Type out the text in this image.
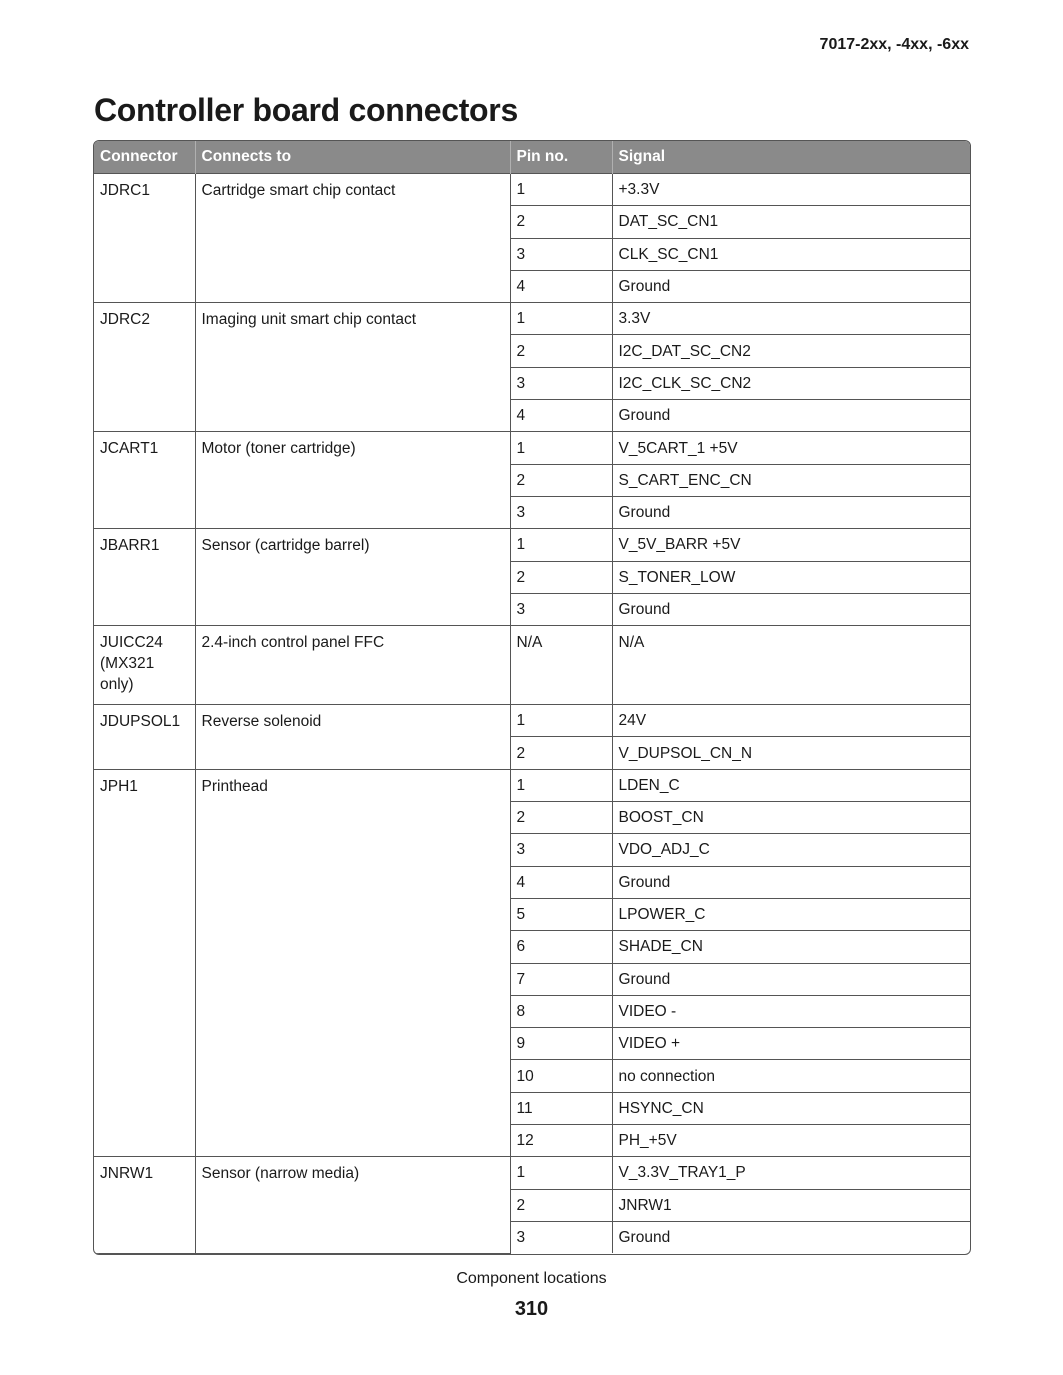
7017-2xx, -4xx, -6xx
Controller board connectors
Connector	Connects to	Pin no.	Signal
JDRC1	Cartridge smart chip contact	1	+3.3V
		2	DAT_SC_CN1
		3	CLK_SC_CN1
		4	Ground
JDRC2	Imaging unit smart chip contact	1	3.3V
		2	I2C_DAT_SC_CN2
		3	I2C_CLK_SC_CN2
		4	Ground
JCART1	Motor (toner cartridge)	1	V_5CART_1 +5V
		2	S_CART_ENC_CN
		3	Ground
JBARR1	Sensor (cartridge barrel)	1	V_5V_BARR +5V
		2	S_TONER_LOW
		3	Ground
JUICC24 (MX321 only)	2.4-inch control panel FFC	N/A	N/A
JDUPSOL1	Reverse solenoid	1	24V
		2	V_DUPSOL_CN_N
JPH1	Printhead	1	LDEN_C
		2	BOOST_CN
		3	VDO_ADJ_C
		4	Ground
		5	LPOWER_C
		6	SHADE_CN
		7	Ground
		8	VIDEO -
		9	VIDEO +
		10	no connection
		11	HSYNC_CN
		12	PH_+5V
JNRW1	Sensor (narrow media)	1	V_3.3V_TRAY1_P
		2	JNRW1
		3	Ground
Component locations
310
